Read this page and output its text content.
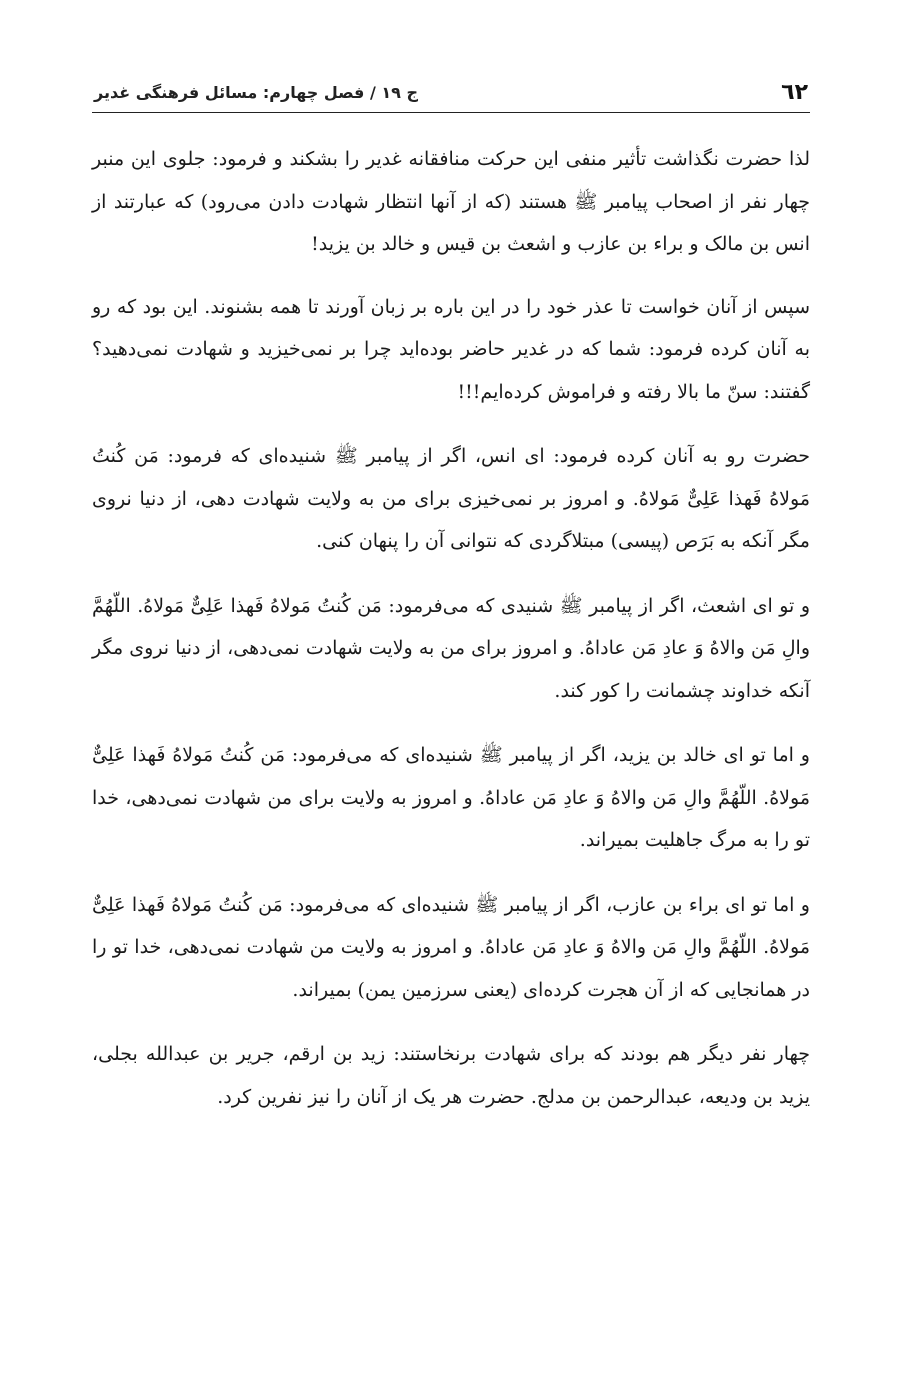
٦٢
ج ١٩ / فصل چهارم: مسائل فرهنگی غدیر

لذا حضرت نگذاشت تأثیر منفی این حرکت منافقانه غدیر را بشکند و فرمود: جلوی این منبر چهار نفر از اصحاب پیامبر ﷺ هستند (که از آنها انتظار شهادت دادن می‌رود) که عبارتند از انس بن مالک و براء بن عازب و اشعث بن قیس و خالد بن یزید!

سپس از آنان خواست تا عذر خود را در این باره بر زبان آورند تا همه بشنوند. این بود که رو به آنان کرده فرمود: شما که در غدیر حاضر بوده‌اید چرا بر نمی‌خیزید و شهادت نمی‌دهید؟ گفتند: سنّ ما بالا رفته و فراموش کرده‌ایم!!!

حضرت رو به آنان کرده فرمود: ای انس، اگر از پیامبر ﷺ شنیده‌ای که فرمود: مَن کُنتُ مَولاهُ فَهذا عَلِیٌّ مَولاهُ. و امروز بر نمی‌خیزی برای من به ولایت شهادت دهی، از دنیا نروی مگر آنکه به بَرَص (پیسی) مبتلاگردی که نتوانی آن را پنهان کنی.

و تو ای اشعث، اگر از پیامبر ﷺ شنیدی که می‌فرمود: مَن کُنتُ مَولاهُ فَهذا عَلِیٌّ مَولاهُ. اللّهُمَّ والِ مَن والاهُ وَ عادِ مَن عاداهُ. و امروز برای من به ولایت شهادت نمی‌دهی، از دنیا نروی مگر آنکه خداوند چشمانت را کور کند.

و اما تو ای خالد بن یزید، اگر از پیامبر ﷺ شنیده‌ای که می‌فرمود: مَن کُنتُ مَولاهُ فَهذا عَلِیٌّ مَولاهُ. اللّهُمَّ والِ مَن والاهُ وَ عادِ مَن عاداهُ. و امروز به ولایت برای من شهادت نمی‌دهی، خدا تو را به مرگ جاهلیت بمیراند.

و اما تو ای براء بن عازب، اگر از پیامبر ﷺ شنیده‌ای که می‌فرمود: مَن کُنتُ مَولاهُ فَهذا عَلِیٌّ مَولاهُ. اللّهُمَّ والِ مَن والاهُ وَ عادِ مَن عاداهُ. و امروز به ولایت من شهادت نمی‌دهی، خدا تو را در همانجایی که از آن هجرت کرده‌ای (یعنی سرزمین یمن) بمیراند.

چهار نفر دیگر هم بودند که برای شهادت برنخاستند: زید بن ارقم، جریر بن عبدالله بجلی، یزید بن ودیعه، عبدالرحمن بن مدلج. حضرت هر یک از آنان را نیز نفرین کرد.
